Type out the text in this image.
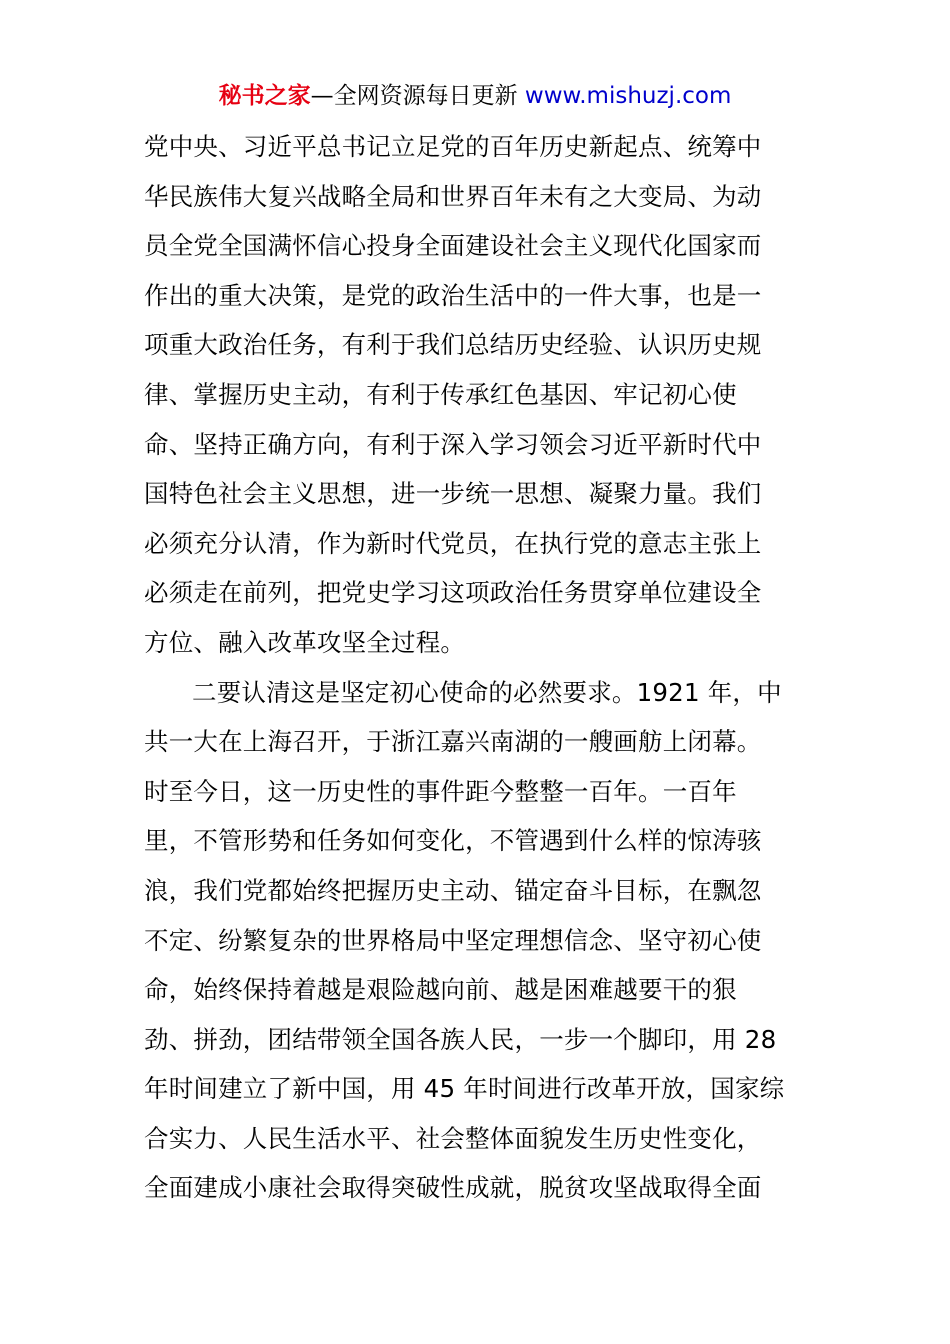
秘书之家—全网资源每日更新 www.mishuzj.com
党中央、习近平总书记立足党的百年历史新起点、统筹中
华民族伟大复兴战略全局和世界百年未有之大变局、为动
员全党全国满怀信心投身全面建设社会主义现代化国家而
作出的重大决策，是党的政治生活中的一件大事，也是一
项重大政治任务，有利于我们总结历史经验、认识历史规
律、掌握历史主动，有利于传承红色基因、牢记初心使
命、坚持正确方向，有利于深入学习领会习近平新时代中
国特色社会主义思想，进一步统一思想、凝聚力量。我们
必须充分认清，作为新时代党员，在执行党的意志主张上
必须走在前列，把党史学习这项政治任务贯穿单位建设全
方位、融入改革攻坚全过程。
二要认清这是坚定初心使命的必然要求。1921 年，中
共一大在上海召开，于浙江嘉兴南湖的一艘画舫上闭幕。
时至今日，这一历史性的事件距今整整一百年。一百年
里，不管形势和任务如何变化，不管遇到什么样的惊涛骇
浪，我们党都始终把握历史主动、锚定奋斗目标，在飘忽
不定、纷繁复杂的世界格局中坚定理想信念、坚守初心使
命，始终保持着越是艰险越向前、越是困难越要干的狠
劲、拼劲，团结带领全国各族人民，一步一个脚印，用 28
年时间建立了新中国，用 45 年时间进行改革开放，国家综
合实力、人民生活水平、社会整体面貌发生历史性变化，
全面建成小康社会取得突破性成就，脱贫攻坚战取得全面
